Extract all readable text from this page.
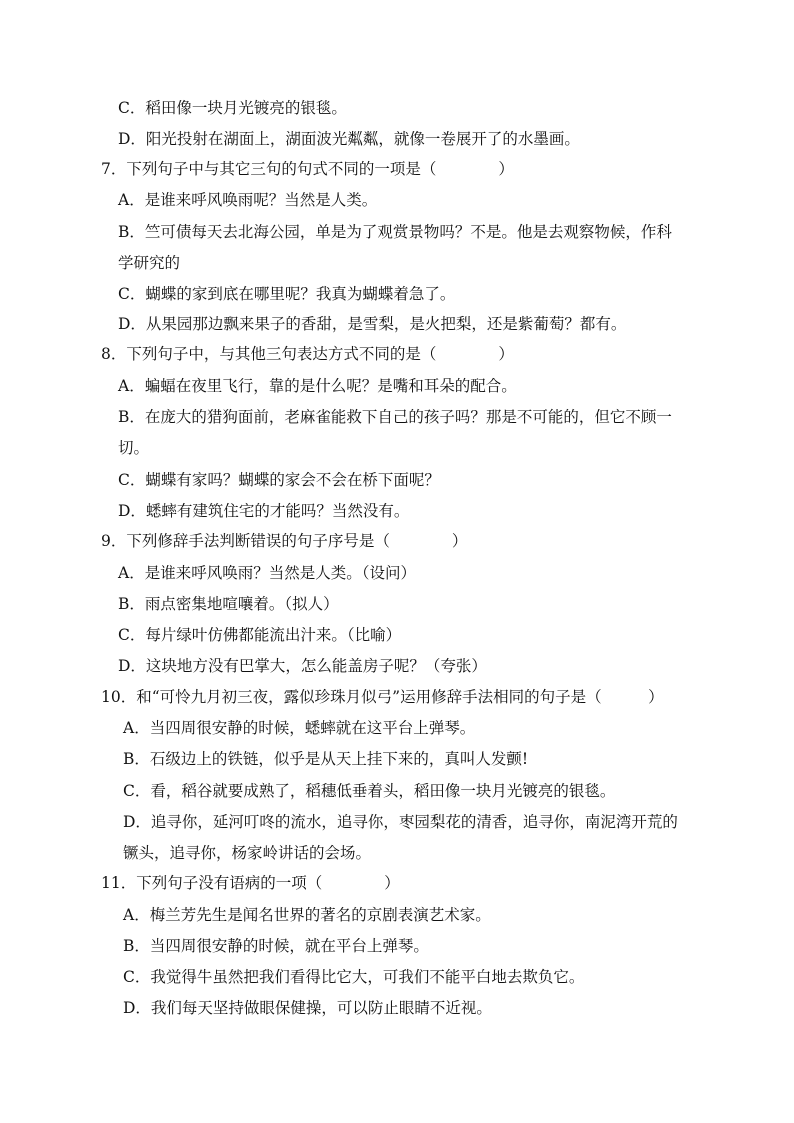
C．稻田像一块月光镀亮的银毯。
D．阳光投射在湖面上，湖面波光粼粼，就像一卷展开了的水墨画。
7．下列句子中与其它三句的句式不同的一项是（　　　　）
A．是谁来呼风唤雨呢？当然是人类。
B．竺可债每天去北海公园，单是为了观赏景物吗？不是。他是去观察物候，作科
学研究的
C．蝴蝶的家到底在哪里呢？我真为蝴蝶着急了。
D．从果园那边飘来果子的香甜，是雪梨，是火把梨，还是紫葡萄？都有。
8．下列句子中，与其他三句表达方式不同的是（　　　　）
A．蝙蝠在夜里飞行，靠的是什么呢？是嘴和耳朵的配合。
B．在庞大的猎狗面前，老麻雀能救下自己的孩子吗？那是不可能的，但它不顾一
切。
C．蝴蝶有家吗？蝴蝶的家会不会在桥下面呢？
D．蟋蟀有建筑住宅的才能吗？当然没有。
9．下列修辞手法判断错误的句子序号是（　　　　）
A．是谁来呼风唤雨？当然是人类。（设问）
B．雨点密集地喧嚷着。（拟人）
C．每片绿叶仿佛都能流出汁来。（比喻）
D．这块地方没有巴掌大，怎么能盖房子呢？（夸张）
10．和“可怜九月初三夜，露似珍珠月似弓”运用修辞手法相同的句子是（　　　）
A．当四周很安静的时候，蟋蟀就在这平台上弹琴。
B．石级边上的铁链，似乎是从天上挂下来的，真叫人发颤!
C．看，稻谷就要成熟了，稻穗低垂着头，稻田像一块月光镀亮的银毯。
D．追寻你，延河叮咚的流水，追寻你，枣园梨花的清香，追寻你，南泥湾开荒的
镢头，追寻你，杨家岭讲话的会场。
11．下列句子没有语病的一项（　　　　）
A．梅兰芳先生是闻名世界的著名的京剧表演艺术家。
B．当四周很安静的时候，就在平台上弹琴。
C．我觉得牛虽然把我们看得比它大，可我们不能平白地去欺负它。
D．我们每天坚持做眼保健操，可以防止眼睛不近视。
